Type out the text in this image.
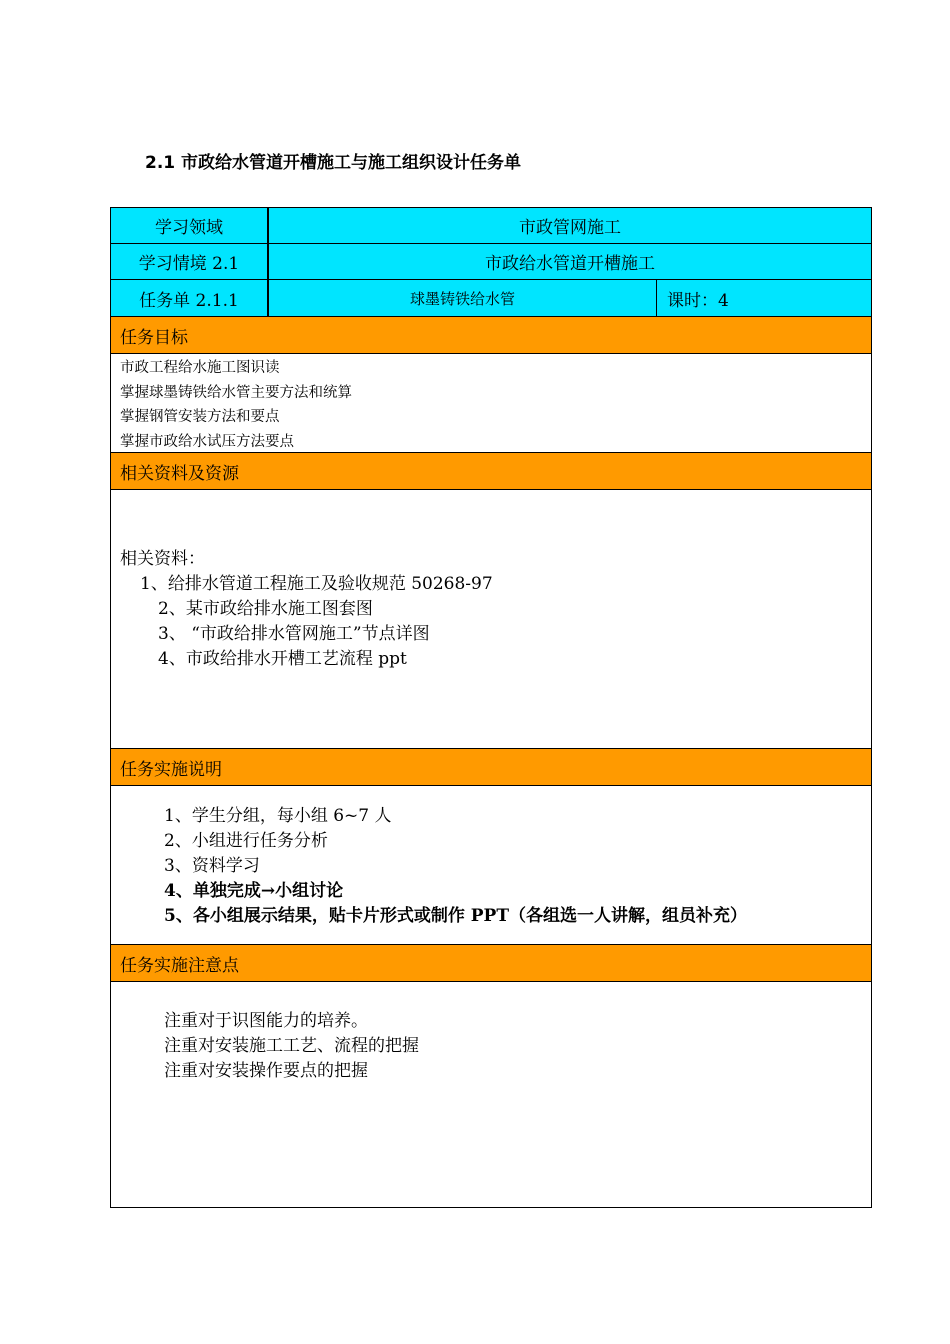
2.1 市政给水管道开槽施工与施工组织设计任务单
学习领域	市政管网施工
学习情境 2.1	市政给水管道开槽施工
任务单 2.1.1	球墨铸铁给水管	课时：4
任务目标
市政工程给水施工图识读
掌握球墨铸铁给水管主要方法和统算
掌握钢管安装方法和要点
掌握市政给水试压方法要点
相关资料及资源
相关资料：
1、给排水管道工程施工及验收规范 50268-97
2、某市政给排水施工图套图
3、 “市政给排水管网施工”节点详图
4、市政给排水开槽工艺流程 ppt
任务实施说明
1、学生分组，每小组 6~7 人
2、小组进行任务分析
3、资料学习
4、单独完成→小组讨论
5、各小组展示结果，贴卡片形式或制作 PPT（各组选一人讲解，组员补充）
任务实施注意点
注重对于识图能力的培养。
注重对安装施工工艺、流程的把握
注重对安装操作要点的把握
